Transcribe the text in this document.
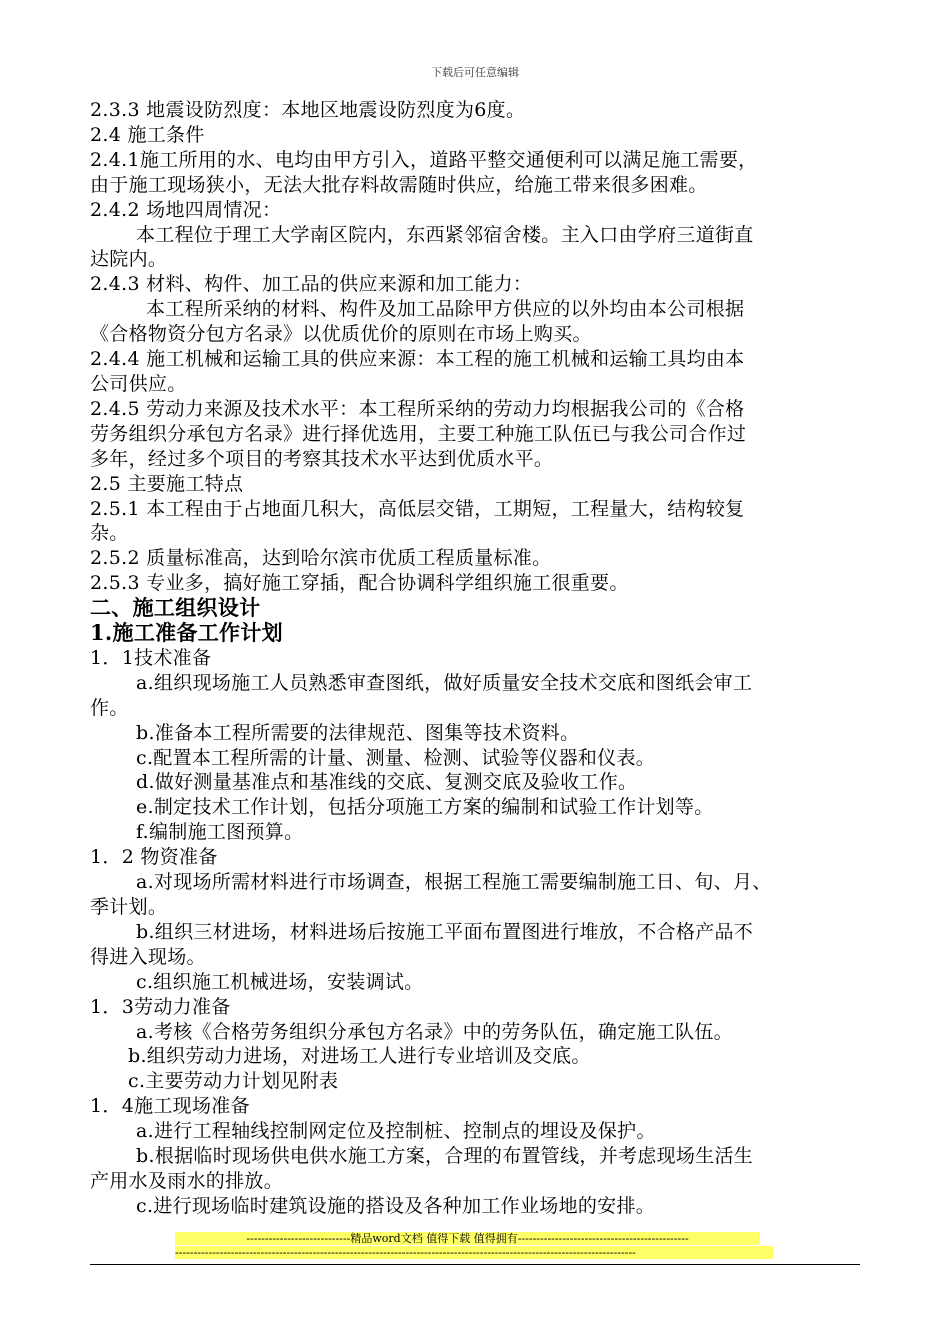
下载后可任意编辑
2.3.3 地震设防烈度：本地区地震设防烈度为6度。
2.4 施工条件
2.4.1施工所用的水、电均由甲方引入，道路平整交通便利可以满足施工需要，
由于施工现场狭小，无法大批存料故需随时供应，给施工带来很多困难。
2.4.2 场地四周情况：
本工程位于理工大学南区院内，东西紧邻宿舍楼。主入口由学府三道街直
达院内。
2.4.3 材料、构件、加工品的供应来源和加工能力：
本工程所采纳的材料、构件及加工品除甲方供应的以外均由本公司根据
《合格物资分包方名录》以优质优价的原则在市场上购买。
2.4.4 施工机械和运输工具的供应来源：本工程的施工机械和运输工具均由本
公司供应。
2.4.5 劳动力来源及技术水平：本工程所采纳的劳动力均根据我公司的《合格
劳务组织分承包方名录》进行择优选用，主要工种施工队伍已与我公司合作过
多年，经过多个项目的考察其技术水平达到优质水平。
2.5 主要施工特点
2.5.1 本工程由于占地面几积大，高低层交错，工期短，工程量大，结构较复
杂。
2.5.2 质量标准高，达到哈尔滨市优质工程质量标准。
2.5.3 专业多，搞好施工穿插，配合协调科学组织施工很重要。
二、施工组织设计
1.施工准备工作计划
1．1技术准备
a.组织现场施工人员熟悉审查图纸，做好质量安全技术交底和图纸会审工
作。
b.准备本工程所需要的法律规范、图集等技术资料。
c.配置本工程所需的计量、测量、检测、试验等仪器和仪表。
d.做好测量基准点和基准线的交底、复测交底及验收工作。
e.制定技术工作计划，包括分项施工方案的编制和试验工作计划等。
f.编制施工图预算。
1．2 物资准备
a.对现场所需材料进行市场调查，根据工程施工需要编制施工日、旬、月、
季计划。
b.组织三材进场，材料进场后按施工平面布置图进行堆放，不合格产品不
得进入现场。
c.组织施工机械进场，安装调试。
1．3劳动力准备
a.考核《合格劳务组织分承包方名录》中的劳务队伍，确定施工队伍。
b.组织劳动力进场，对进场工人进行专业培训及交底。
c.主要劳动力计划见附表
1．4施工现场准备
a.进行工程轴线控制网定位及控制桩、控制点的埋设及保护。
b.根据临时现场供电供水施工方案，合理的布置管线，并考虑现场生活生
产用水及雨水的排放。
c.进行现场临时建筑设施的搭设及各种加工作业场地的安排。
----------------------------精品word文档 值得下载 值得拥有----------------------------------------------
----------------------------------------------------------------------------------------------------------------------------
